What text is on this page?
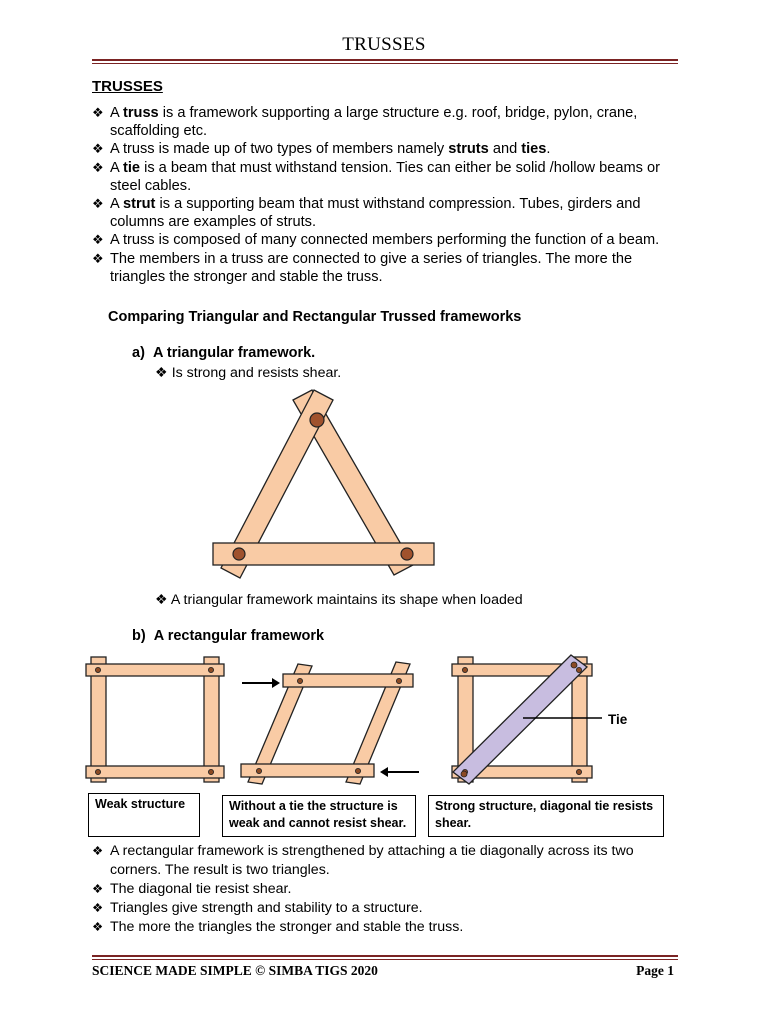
TRUSSES
TRUSSES
❖ A truss is a framework supporting a large structure e.g. roof, bridge, pylon, crane, scaffolding etc.
❖ A truss is made up of two types of members namely struts and ties.
❖ A tie is a beam that must withstand tension. Ties can either be solid /hollow beams or steel cables.
❖ A strut is a supporting beam that must withstand compression. Tubes, girders and columns are examples of struts.
❖ A truss is composed of many connected members performing the function of a beam.
❖ The members in a truss are connected to give a series of triangles. The more the triangles the stronger and stable the truss.
Comparing Triangular and Rectangular Trussed frameworks
a) A triangular framework.
❖ Is strong and resists shear.
❖ A triangular framework maintains its shape when loaded
b) A rectangular framework
Tie
Weak structure	Without a tie the structure is weak and cannot resist shear.
Strong structure, diagonal tie resists shear.
❖ A rectangular framework is strengthened by attaching a tie diagonally across its two corners. The result is two triangles.
❖ The diagonal tie resist shear.
❖ Triangles give strength and stability to a structure.
❖ The more the triangles the stronger and stable the truss.
SCIENCE MADE SIMPLE © SIMBA TIGS 2020	Page 1
